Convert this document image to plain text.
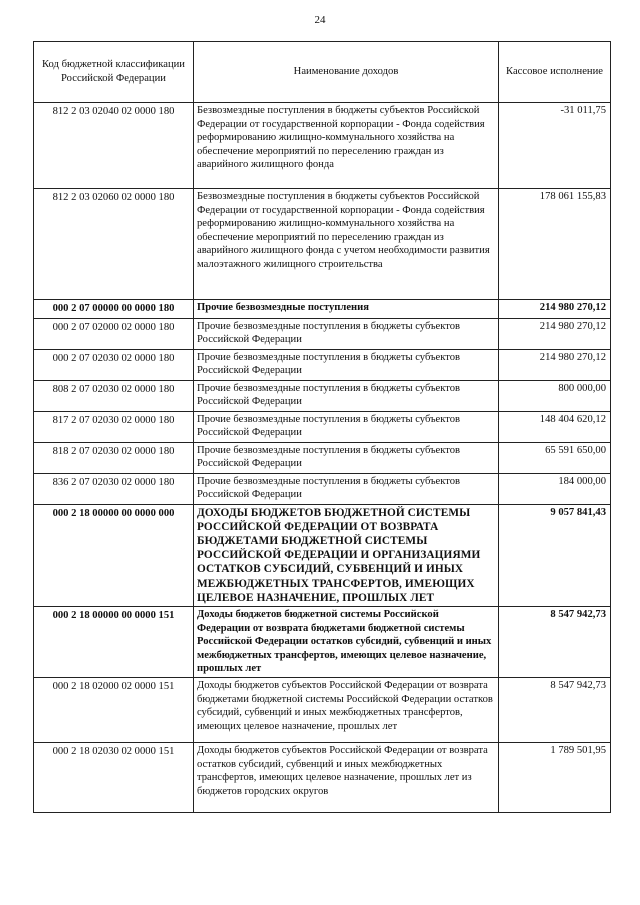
24
Код бюджетной классификации Российской Федерации	Наименование доходов	Кассовое исполнение
812 2 03 02040 02 0000 180	Безвозмездные поступления в бюджеты субъектов Российской Федерации от государственной корпорации - Фонда содействия реформированию жилищно-коммунального хозяйства на обеспечение мероприятий по переселению граждан из аварийного жилищного фонда	-31 011,75
812 2 03 02060 02 0000 180	Безвозмездные поступления в бюджеты субъектов Российской Федерации от государственной корпорации - Фонда содействия реформированию жилищно-коммунального хозяйства на обеспечение мероприятий по переселению граждан из аварийного жилищного фонда с учетом необходимости развития малоэтажного жилищного строительства	178 061 155,83
000 2 07 00000 00 0000 180	Прочие безвозмездные поступления	214 980 270,12
000 2 07 02000 02 0000 180	Прочие безвозмездные поступления в бюджеты субъектов Российской Федерации	214 980 270,12
000 2 07 02030 02 0000 180	Прочие безвозмездные поступления в бюджеты субъектов Российской Федерации	214 980 270,12
808 2 07 02030 02 0000 180	Прочие безвозмездные поступления в бюджеты субъектов Российской Федерации	800 000,00
817 2 07 02030 02 0000 180	Прочие безвозмездные поступления в бюджеты субъектов Российской Федерации	148 404 620,12
818 2 07 02030 02 0000 180	Прочие безвозмездные поступления в бюджеты субъектов Российской Федерации	65 591 650,00
836 2 07 02030 02 0000 180	Прочие безвозмездные поступления в бюджеты субъектов Российской Федерации	184 000,00
000 2 18 00000 00 0000 000	ДОХОДЫ БЮДЖЕТОВ БЮДЖЕТНОЙ СИСТЕМЫ РОССИЙСКОЙ ФЕДЕРАЦИИ ОТ ВОЗВРАТА БЮДЖЕТАМИ БЮДЖЕТНОЙ СИСТЕМЫ РОССИЙСКОЙ ФЕДЕРАЦИИ И ОРГАНИЗАЦИЯМИ ОСТАТКОВ СУБСИДИЙ, СУБВЕНЦИЙ И ИНЫХ МЕЖБЮДЖЕТНЫХ ТРАНСФЕРТОВ, ИМЕЮЩИХ ЦЕЛЕВОЕ НАЗНАЧЕНИЕ, ПРОШЛЫХ ЛЕТ	9 057 841,43
000 2 18 00000 00 0000 151	Доходы бюджетов бюджетной системы Российской Федерации от возврата бюджетами бюджетной системы Российской Федерации остатков субсидий, субвенций и иных межбюджетных трансфертов, имеющих целевое назначение, прошлых лет	8 547 942,73
000 2 18 02000 02 0000 151	Доходы бюджетов субъектов Российской Федерации от возврата бюджетами бюджетной системы Российской Федерации остатков субсидий, субвенций и иных межбюджетных трансфертов, имеющих целевое назначение, прошлых лет	8 547 942,73
000 2 18 02030 02 0000 151	Доходы бюджетов субъектов Российской Федерации от возврата остатков субсидий, субвенций и иных межбюджетных трансфертов, имеющих целевое назначение, прошлых лет из бюджетов городских округов	1 789 501,95
